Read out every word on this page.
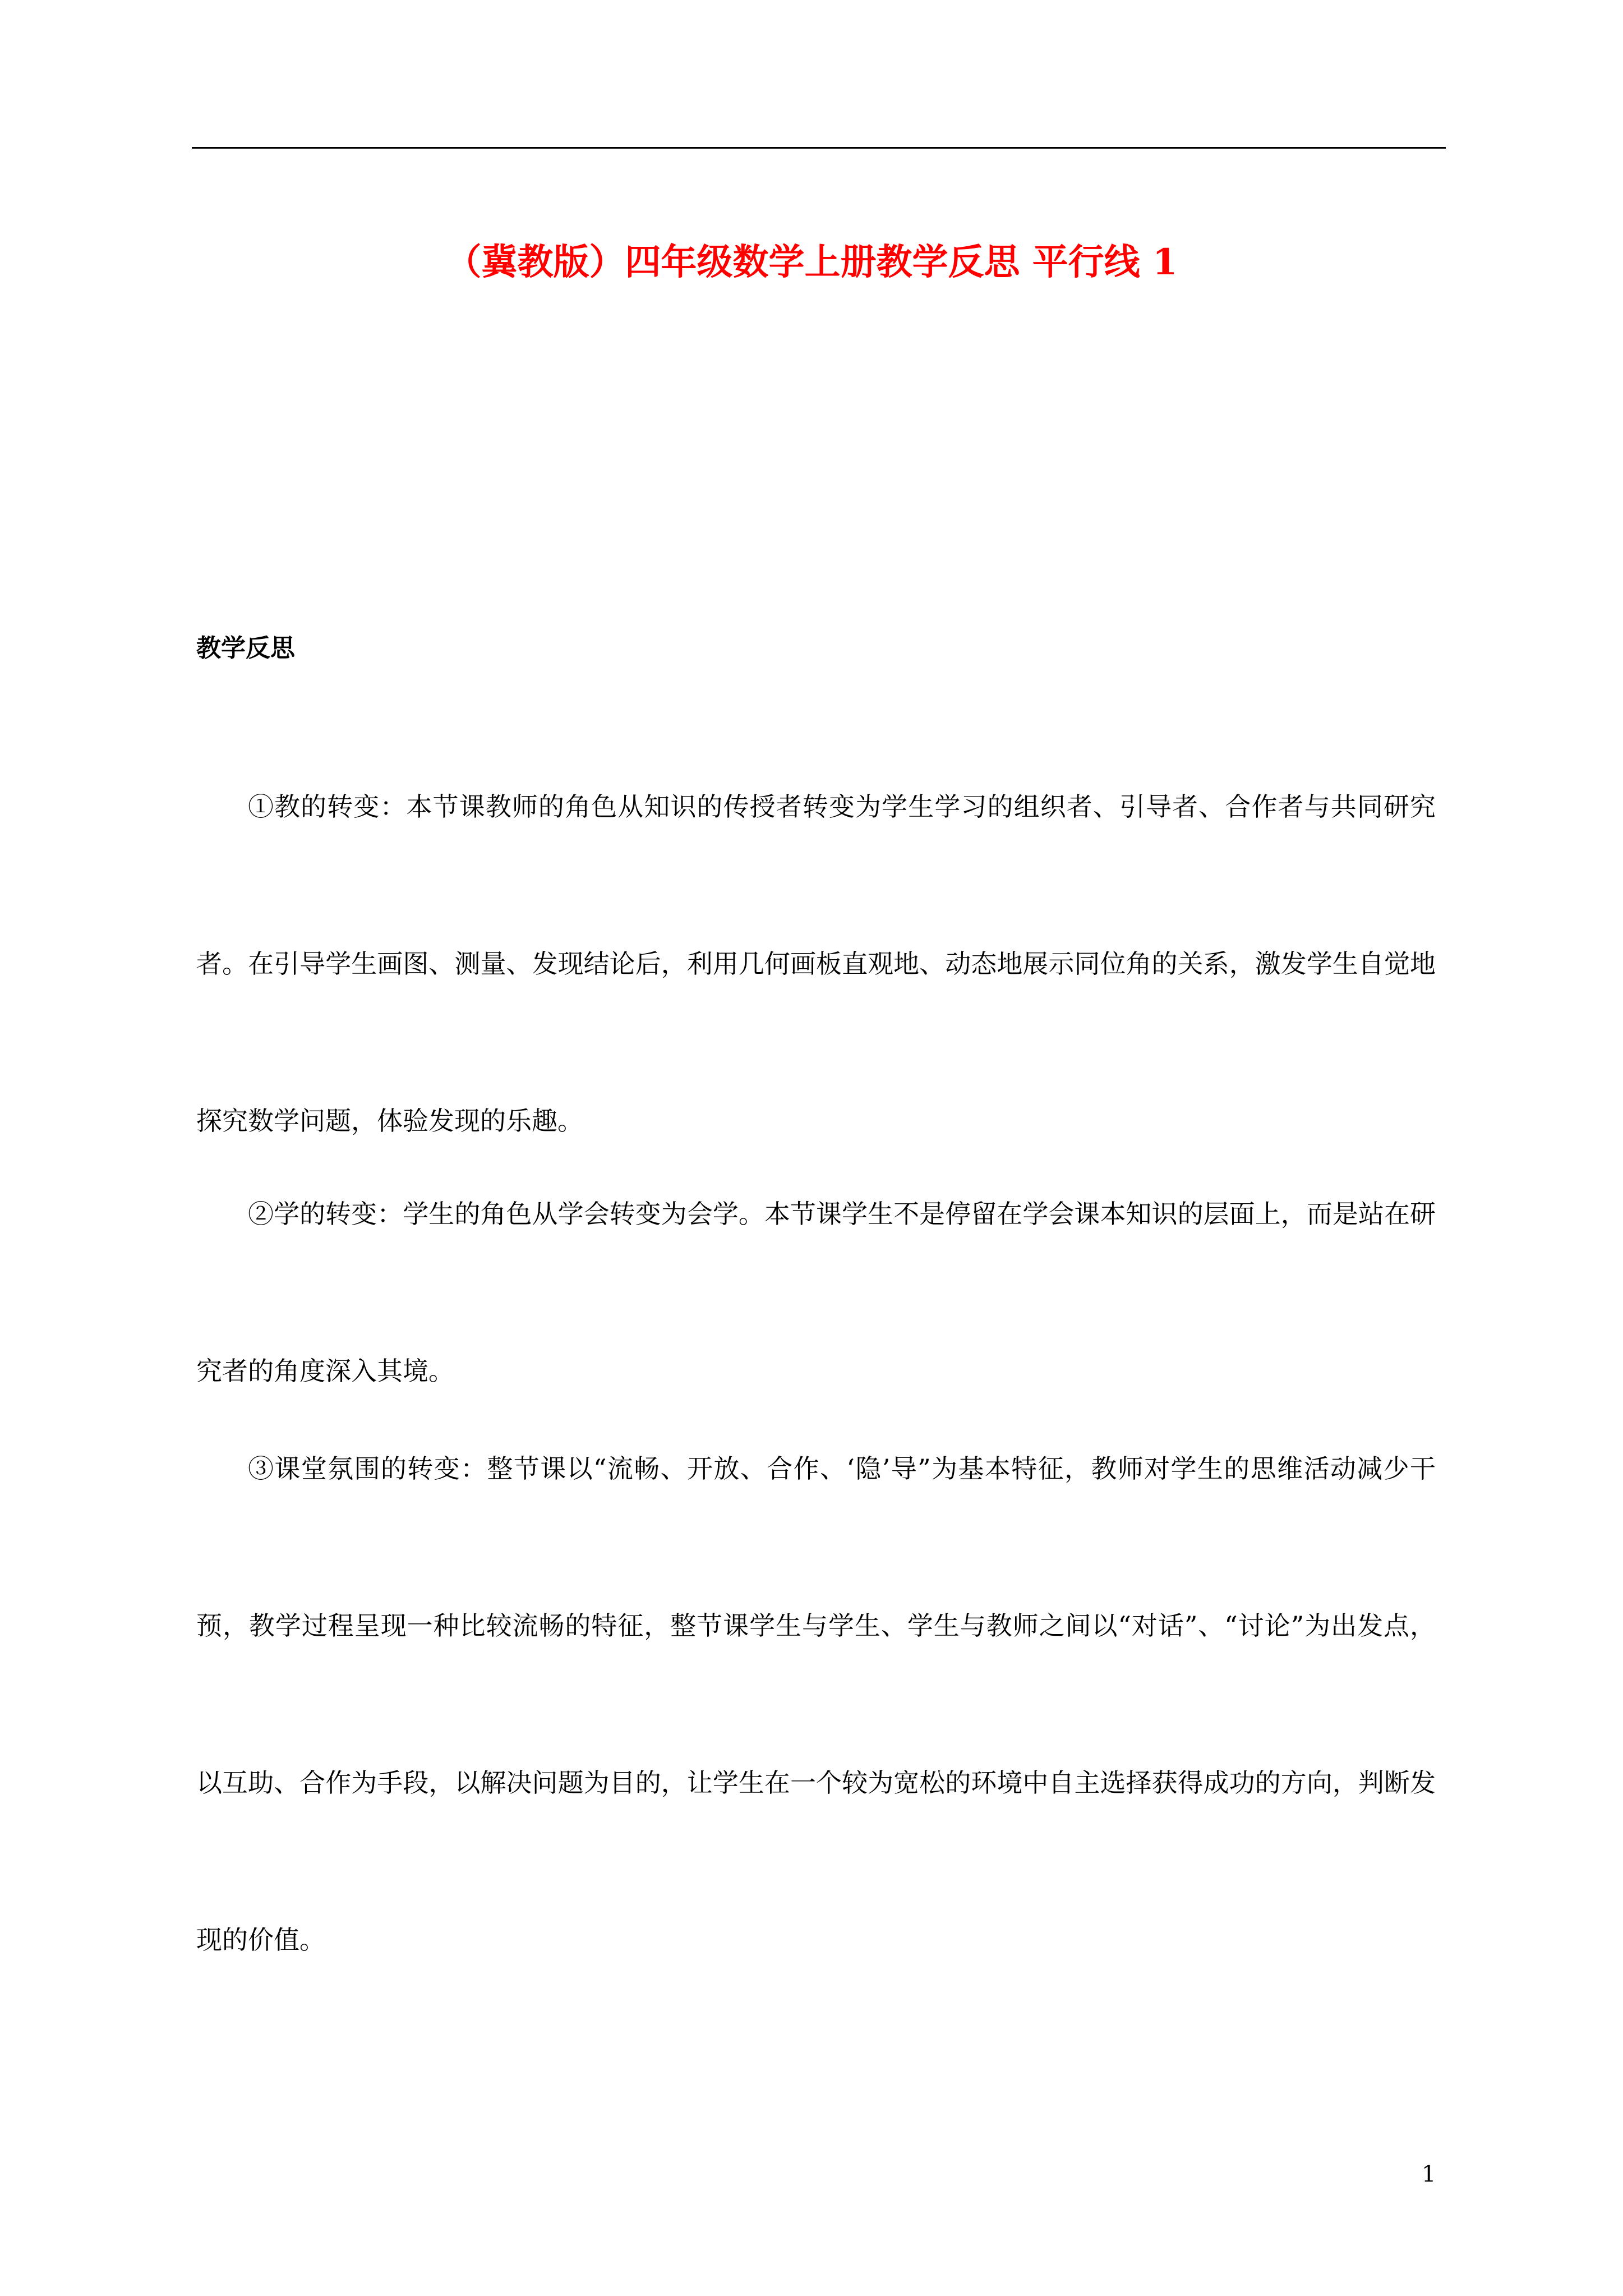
（冀教版）四年级数学上册教学反思 平行线 1
教学反思

①教的转变：本节课教师的角色从知识的传授者转变为学生学习的组织者、引导者、合作者与共同研究者。在引导学生画图、测量、发现结论后，利用几何画板直观地、动态地展示同位角的关系，激发学生自觉地探究数学问题，体验发现的乐趣。

②学的转变：学生的角色从学会转变为会学。本节课学生不是停留在学会课本知识的层面上，而是站在研究者的角度深入其境。

③课堂氛围的转变：整节课以“流畅、开放、合作、‘隐’导”为基本特征，教师对学生的思维活动减少干预，教学过程呈现一种比较流畅的特征，整节课学生与学生、学生与教师之间以“对话”、“讨论”为出发点，以互助、合作为手段，以解决问题为目的，让学生在一个较为宽松的环境中自主选择获得成功的方向，判断发现的价值。

1
